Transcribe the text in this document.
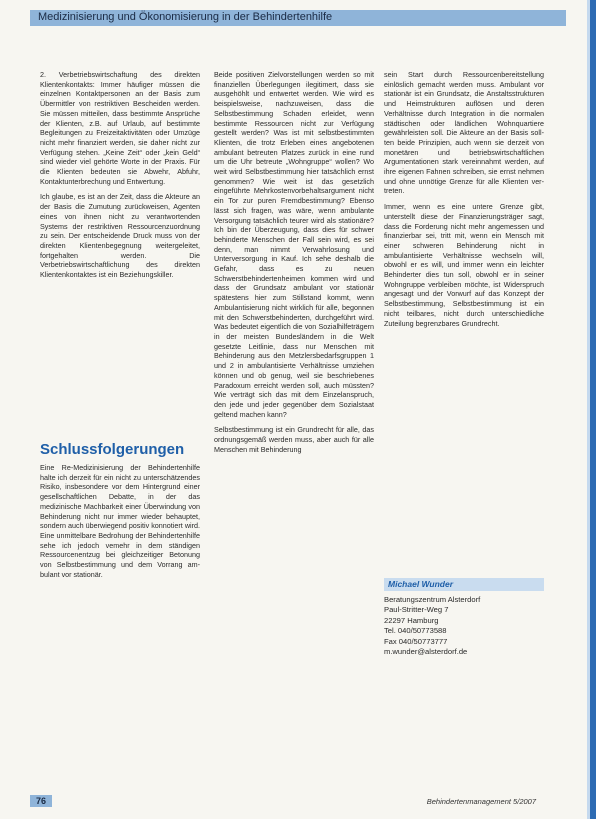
Medizinisierung und Ökonomisierung in der Behindertenhilfe

2. Verbetriebswirtschaftung des direkten Klientenkontakts: Immer häufiger müssen die einzelnen Kontaktpersonen an der Basis zum Übermittler von restriktiven Bescheiden werden. Sie müssen mitteilen, dass bestimmte Ansprüche der Klienten, z.B. auf Urlaub, auf bestimmte Begleitungen zu Freizeitaktivitäten oder Umzüge nicht mehr finanziert werden, sie daher nicht zur Verfügung stehen. „Keine Zeit“ oder „kein Geld“ sind wieder viel gehörte Worte in der Praxis. Für die Klienten bedeuten sie Abwehr, Abfuhr, Kontaktunterbrechung und Entwertung.

Ich glaube, es ist an der Zeit, dass die Akteure an der Basis die Zumutung zurückweisen, Agenten eines von ihnen nicht zu verantwortenden Systems der restriktiven Ressourcenzuordnung zu sein. Der entscheidende Druck muss von der direkten Klientenbegegnung weitergeleitet, fortgehalten werden. Die Verbetriebswirtschaftlichung des direkten Klientenkontaktes ist ein Beziehungskiller.

Schlussfolgerungen

Eine Re-Medizinisierung der Behindertenhilfe halte ich derzeit für ein nicht zu unterschätzendes Risiko, insbesondere vor dem Hintergrund einer gesellschaftlichen Debatte, in der das medizinische Machbarkeit einer Überwindung von Behinderung nicht nur immer wieder behauptet, sondern auch überwiegend positiv konnotiert wird. Eine unmittelbare Bedrohung der Behindertenhilfe sehe ich jedoch vemehr in dem ständigen Ressourcenentzug bei gleichzeitiger Betonung von Selbstbestimmung und dem Vorrang ambulant vor stationär.

Beide positiven Zielvorstellungen werden so mit finanziellen Überlegungen ilegitimert, dass sie ausgehöhlt und entwertet werden. Wie wird es beispielsweise, nachzuweisen, dass die Selbstbestimmung Schaden erleidet, wenn bestimmte Ressourcen nicht zur Verfügung gestellt werden? Was ist mit selbstbestimmten Klienten, die trotz Erleben eines angebotenen ambulant betreuten Platzes zurück in eine rund um die Uhr betreute „Wohngruppe“ wollen? Wo weit wird Selbstbestimmung hier tatsächlich ernst genommen? Wie weit ist das gesetzlich eingeführte Mehrkostenvorbehaltsargument nicht ein Tor zur puren Fremdbestimmung? Ebenso lässt sich fragen, was wäre, wenn ambulante Versorgung tatsächlich teurer wird als stationäre? Ich bin der Überzeugung, dass dies für schwer behinderte Menschen der Fall sein wird, es sei denn, man nimmt Verwahrlosung und Unterversorgung in Kauf. Ich sehe deshalb die Gefahr, dass es zu neuen Schwerstbehindertenheimen kommen wird und dass der Grundsatz ambulant vor stationär spätestens hier zum Stillstand kommt, wenn Ambulantisierung nicht wirklich für alle, begonnen mit den Schwerstbehinderten, durchgeführt wird. Was bedeutet eigentlich die von Sozialhilfeträgern in der meisten Bundesländern in die Welt gesetzte Leitlinie, dass nur Menschen mit Behinderung aus den Metzlersbedarfsgruppen 1 und 2 in ambulantisierte Verhältnisse umziehen können und ob genug, weil sie beschriebenes Paradoxum erreicht werden soll, auch müssten? Wie verträgt sich das mit dem Einzelanspruch, den jede und jeder gegenüber dem Sozialstaat geltend machen kann?

Selbstbestimmung ist ein Grundrecht für alle, das ordnungsgemäß werden muss, aber auch für alle Menschen mit Behinderung

sein Start durch Ressourcenbereitstellung einlöslich gemacht werden muss. Ambulant vor stationär ist ein Grundsatz, die Anstaltsstrukturen und Heimstrukturen auflösen und deren Verhältnisse durch Integration in die normalen städtischen oder ländlichen Wohnquartiere gewährleisten soll. Die Akteure an der Basis sollten beide Prinzipien, auch wenn sie derzeit von monetären und betriebswirtschaftlichen Argumentationen stark vereinnahmt werden, auf ihre eigenen Fahnen schreiben, sie ernst nehmen und ohne unnötige Grenze für alle Klienten vertreten.

Immer, wenn es eine untere Grenze gibt, unterstellt diese der Finanzierungsträger sagt, dass die Forderung nicht mehr angemessen und finanzierbar sei, tritt mit, wenn ein Mensch mit einer schweren Behinderung nicht in ambulantisierte Verhältnisse wechseln will, obwohl er es will, und immer wenn ein leichter Behinderter dies tun soll, obwohl er in seiner Wohngruppe verbleiben möchte, ist Widerspruch angesagt und der Vorwurf auf das Konzept der Selbstbestimmung, Selbstbestimmung ist ein nicht teilbares, nicht durch unterschiedliche Zuteilung begrenzbares Grundrecht.

Michael Wunder
Beratungszentrum Alsterdorf
Paul-Stritter-Weg 7
22297 Hamburg
Tel. 040/50773588
Fax 040/50773777
m.wunder@alsterdorf.de
76	Behindertenmanagement 5/2007
